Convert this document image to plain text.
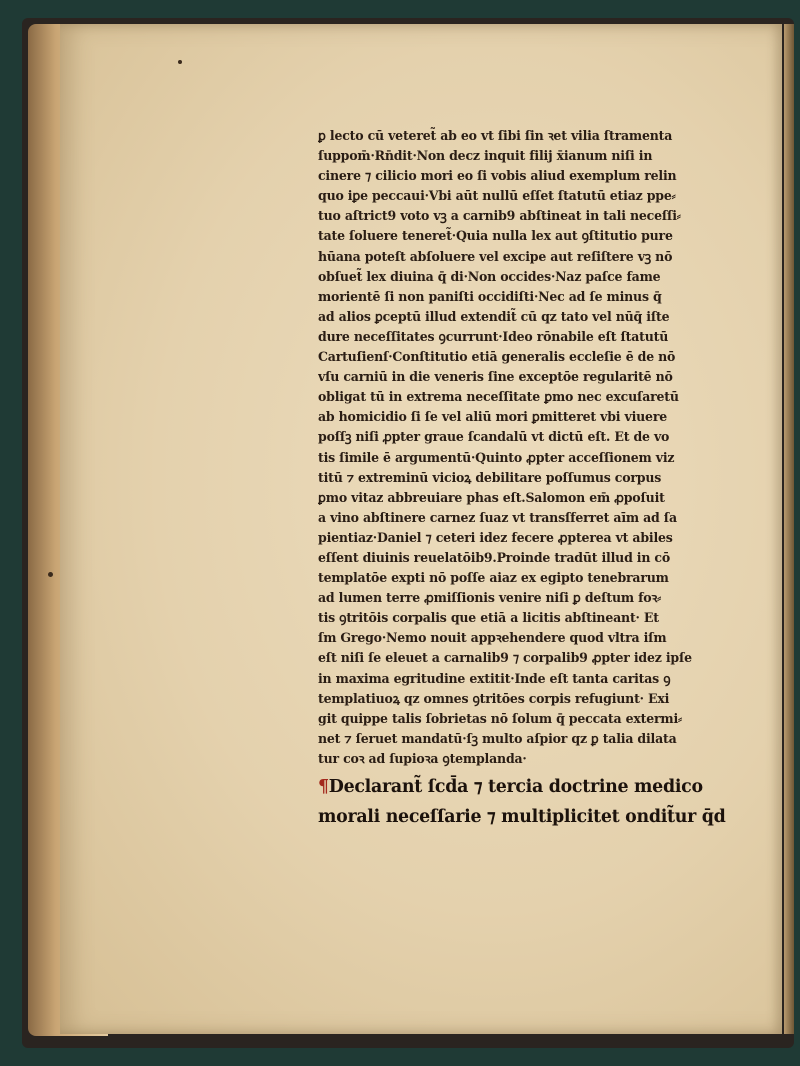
ꝑ lecto cū veteret̃ ab eo vt ſibi ſin ꝛet vilia ſtramenta
ſuppom̄·Rn̄dit·Non decz inquit filij x̄ianum niſi in
cinere ⁊ cilicio mori eo ſi vobis aliud exemplum relin
quo iꝑe peccaui·Vbi aūt nullū eſſet ſtatutū etiaz ppe⸗
tuo aſtrict9 voto vꝫ a carnib9 abſtineat in tali neceſſi⸗
tate ſoluere teneret̃·Quia nulla lex aut ꝯſtitutio pure
hūana poteſt abſoluere vel excipe aut reſiſtere vꝫ nō
obſuet̃ lex diuina q̄ di·Non occides·Naz paſce fame
morientē ſi non paniſti occidiſti·Nec ad ſe minus q̄
ad alios ꝑceptū illud extendit̃ cū qz tato vel nūq̄ iſte
dure neceſſitates ꝯcurrunt·Ideo rōnabile eſt ſtatutū
Cartuſienſ·Conſtitutio etiā generalis eccleſie ē de nō
vſu carniū in die veneris ſine exceptōe regularitē nō
obligat tū in extrema neceſſitate ꝑmo nec excuſaretū
ab homicidio ſi ſe vel aliū mori ꝑmitteret vbi viuere
poſſꝫ niſi ꝓpter graue ſcandalū vt dictū eſt. Et de vo
tis ſimile ē argumentū·Quinto ꝓpter acceſſionem viz
titū ⁊ extreminū vicioꝝ debilitare poſſumus corpus
ꝑmo vitaz abbreuiare phas eſt.Salomon em̄ ꝓpoſuit
a vino abſtinere carnez ſuaz vt transſferret aīm ad ſa
pientiaz·Daniel ⁊ ceteri idez fecere ꝓpterea vt abiles
eſſent diuinis reuelatōib9.Proinde tradūt illud in cō
templatōe expti nō poſſe aiaz ex egipto tenebrarum
ad lumen terre ꝓmiſſionis venire niſi ꝑ deſtum foꝛ⸗
tis ꝯtritōis corpalis que etiā a licitis abſtineant· Et
ſm Grego·Nemo nouit appꝛehendere quod vltra iſm
eſt niſi ſe eleuet a carnalib9 ⁊ corpalib9 ꝓpter idez ipſe
in maxima egritudine extitit·Inde eſt tanta caritas ꝯ
templatiuoꝝ qz omnes ꝯtritōes corpis refugiunt· Exi
git quippe talis ſobrietas nō ſolum q̄ peccata extermi⸗
net ⁊ ſeruet mandatū·ſꝫ multo aſpior qz ꝑ talia dilata
tur coꝛ ad ſupioꝛa ꝯtemplanda·
¶Declarant̃ ſcd̄a ⁊ tercia doctrine medico
morali neceſſarie ⁊ multiplicitet ondit̃ur q̄d
